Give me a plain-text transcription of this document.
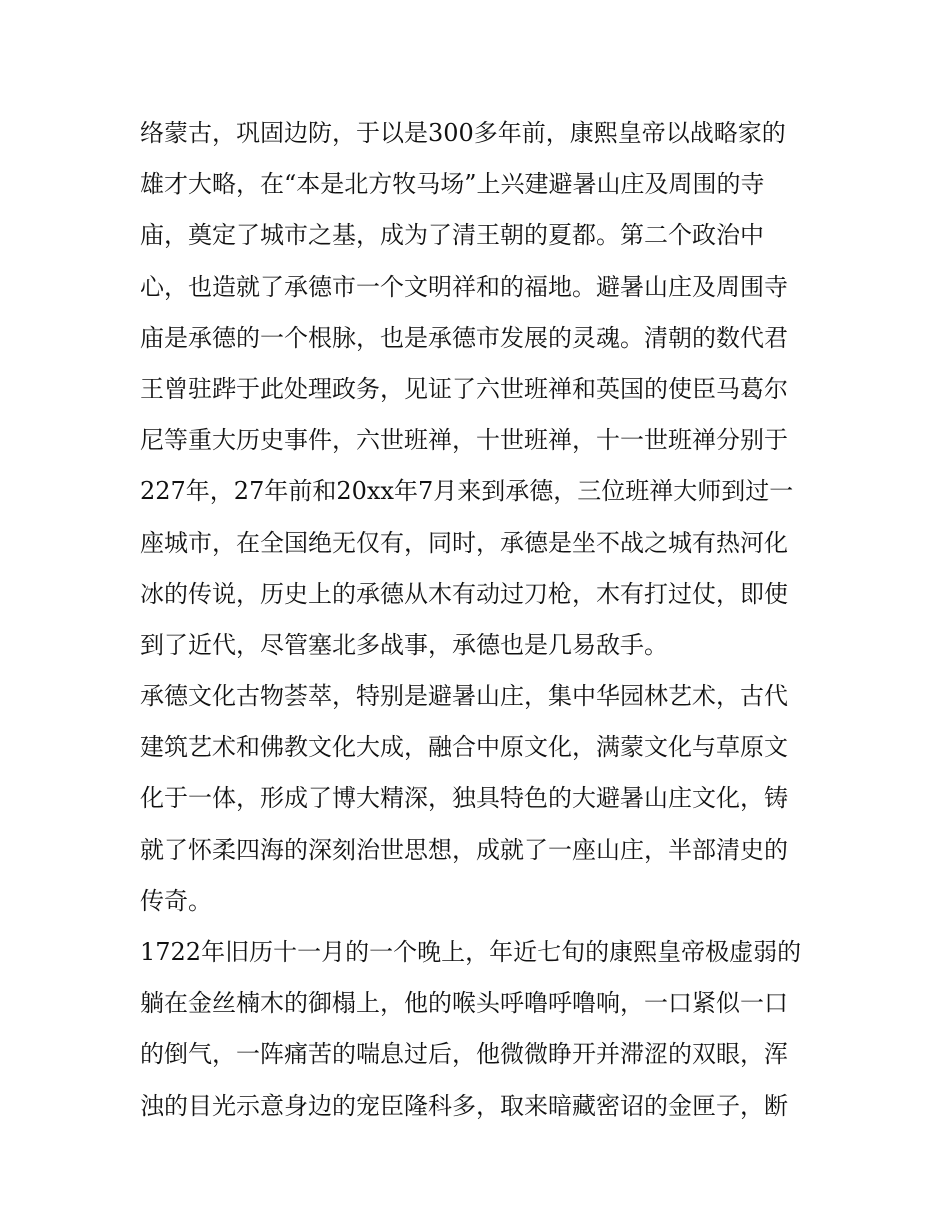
络蒙古，巩固边防，于以是300多年前，康熙皇帝以战略家的
雄才大略，在“本是北方牧马场”上兴建避暑山庄及周围的寺
庙，奠定了城市之基，成为了清王朝的夏都。第二个政治中
心，也造就了承德市一个文明祥和的福地。避暑山庄及周围寺
庙是承德的一个根脉，也是承德市发展的灵魂。清朝的数代君
王曾驻跸于此处理政务，见证了六世班禅和英国的使臣马葛尔
尼等重大历史事件，六世班禅，十世班禅，十一世班禅分别于
227年，27年前和20xx年7月来到承德，三位班禅大师到过一
座城市，在全国绝无仅有，同时，承德是坐不战之城有热河化
冰的传说，历史上的承德从木有动过刀枪，木有打过仗，即使
到了近代，尽管塞北多战事，承德也是几易敌手。
承德文化古物荟萃，特别是避暑山庄，集中华园林艺术，古代
建筑艺术和佛教文化大成，融合中原文化，满蒙文化与草原文
化于一体，形成了博大精深，独具特色的大避暑山庄文化，铸
就了怀柔四海的深刻治世思想，成就了一座山庄，半部清史的
传奇。
1722年旧历十一月的一个晚上，年近七旬的康熙皇帝极虚弱的
躺在金丝楠木的御榻上，他的喉头呼噜呼噜响，一口紧似一口
的倒气，一阵痛苦的喘息过后，他微微睁开并滞涩的双眼，浑
浊的目光示意身边的宠臣隆科多，取来暗藏密诏的金匣子，断
